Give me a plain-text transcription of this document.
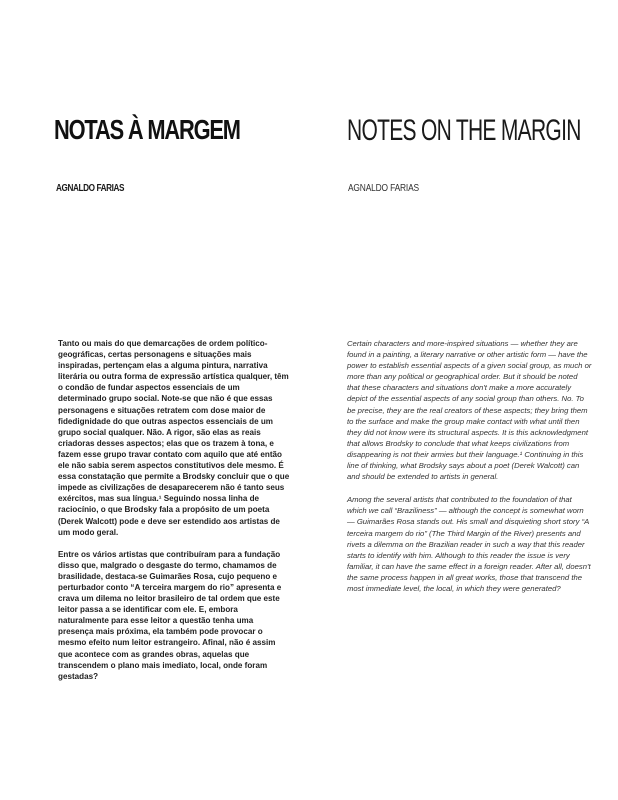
NOTAS À MARGEM
AGNALDO FARIAS

Tanto ou mais do que demarcações de ordem político-geográficas, certas personagens e situações mais inspiradas, pertençam elas a alguma pintura, narrativa literária ou outra forma de expressão artística qualquer, têm o condão de fundar aspectos essenciais de um determinado grupo social. Note-se que não é que essas personagens e situações retratem com dose maior de fidedignidade do que outras aspectos essenciais de um grupo social qualquer. Não. A rigor, são elas as reais criadoras desses aspectos; elas que os trazem à tona, e fazem esse grupo travar contato com aquilo que até então ele não sabia serem aspectos constitutivos dele mesmo. É essa constatação que permite a Brodsky concluir que o que impede as civilizações de desaparecerem não é tanto seus exércitos, mas sua língua.¹ Seguindo nossa linha de raciocínio, o que Brodsky fala a propósito de um poeta (Derek Walcott) pode e deve ser estendido aos artistas de um modo geral.

Entre os vários artistas que contribuíram para a fundação disso que, malgrado o desgaste do termo, chamamos de brasilidade, destaca-se Guimarães Rosa, cujo pequeno e perturbador conto “A terceira margem do rio” apresenta e crava um dilema no leitor brasileiro de tal ordem que este leitor passa a se identificar com ele. E, embora naturalmente para esse leitor a questão tenha uma presença mais próxima, ela também pode provocar o mesmo efeito num leitor estrangeiro. Afinal, não é assim que acontece com as grandes obras, aquelas que transcendem o plano mais imediato, local, onde foram gestadas?

NOTES ON THE MARGIN
AGNALDO FARIAS

Certain characters and more-inspired situations — whether they are found in a painting, a literary narrative or other artistic form — have the power to establish essential aspects of a given social group, as much or more than any political or geographical order. But it should be noted that these characters and situations don't make a more accurately depict of the essential aspects of any social group than others. No. To be precise, they are the real creators of these aspects; they bring them to the surface and make the group make contact with what until then they did not know were its structural aspects. It is this acknowledgment that allows Brodsky to conclude that what keeps civilizations from disappearing is not their armies but their language.¹ Continuing in this line of thinking, what Brodsky says about a poet (Derek Walcott) can and should be extended to artists in general.

Among the several artists that contributed to the foundation of that which we call “Braziliness” — although the concept is somewhat worn — Guimarães Rosa stands out. His small and disquieting short story “A terceira margem do rio” (The Third Margin of the River) presents and rivets a dilemma on the Brazilian reader in such a way that this reader starts to identify with him. Although to this reader the issue is very familiar, it can have the same effect in a foreign reader. After all, doesn't the same process happen in all great works, those that transcend the most immediate level, the local, in which they were generated?
